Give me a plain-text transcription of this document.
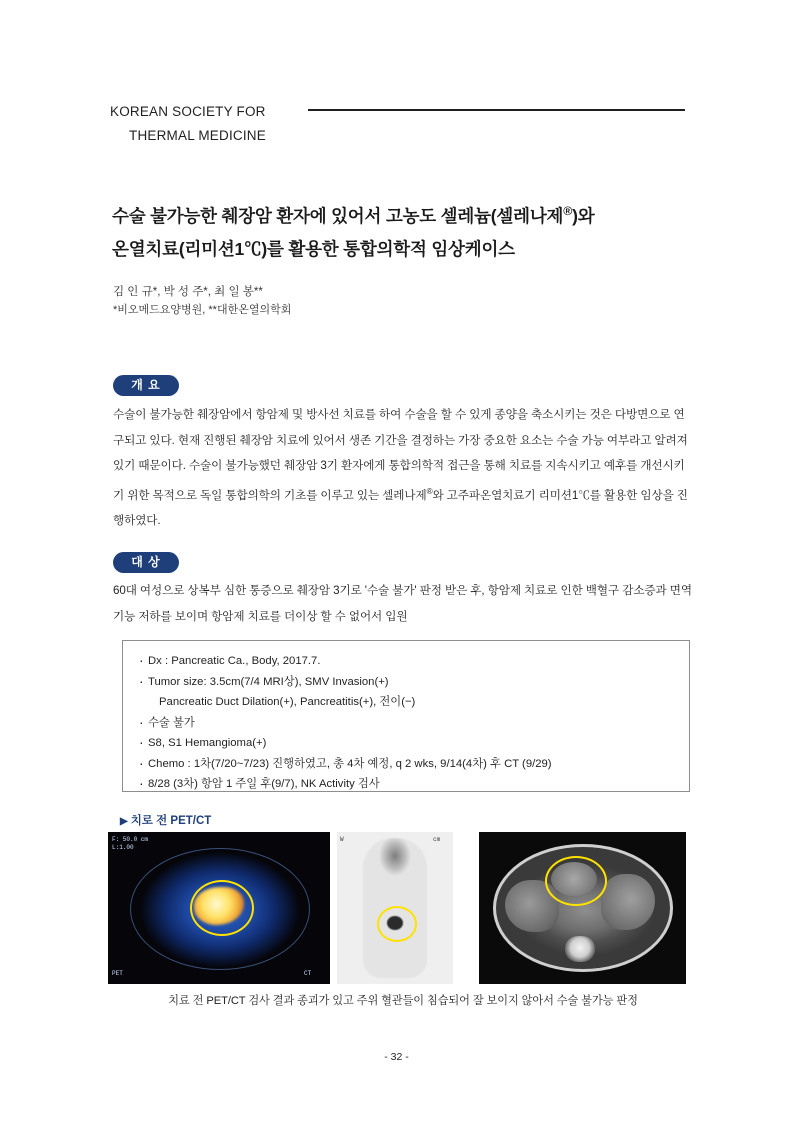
KOREAN SOCIETY FOR
THERMAL MEDICINE
수술 불가능한 췌장암 환자에 있어서 고농도 셀레늄(셀레나제®)와
온열치료(리미션1℃)를 활용한 통합의학적 임상케이스
김 인 규*, 박 성 주*, 최 일 봉**
*비오메드요양병원, **대한온열의학회
개 요
수술이 불가능한 췌장암에서 항암제 및 방사선 치료를 하여 수술을 할 수 있게 종양을 축소시키는 것은 다방면으로 연구되고 있다. 현재 진행된 췌장암 치료에 있어서 생존 기간을 결정하는 가장 중요한 요소는 수술 가능 여부라고 알려져 있기 때문이다. 수술이 불가능했던 췌장암 3기 환자에게 통합의학적 접근을 통해 치료를 지속시키고 예후를 개선시키기 위한 목적으로 독일 통합의학의 기초를 이루고 있는 셀레나제®와 고주파온열치료기 리미션1℃를 활용한 임상을 진행하였다.
대 상
60대 여성으로 상복부 심한 통증으로 췌장암 3기로 '수술 불가' 판정 받은 후, 항암제 치료로 인한 백혈구 감소증과 면역기능 저하를 보이며 항암제 치료를 더이상 할 수 없어서 입원
· Dx : Pancreatic Ca., Body, 2017.7.
· Tumor size: 3.5cm(7/4 MRI상), SMV Invasion(+)
Pancreatic Duct Dilation(+), Pancreatitis(+), 전이(−)
· 수술 불가
· S8, S1 Hemangioma(+)
· Chemo : 1차(7/20~7/23) 진행하였고, 총 4차 예정, q 2 wks, 9/14(4차) 후 CT (9/29)
· 8/28 (3차) 항암 1 주일 후(9/7), NK Activity 검사
▶ 치로 전 PET/CT
F: 50.0 cm
L:1.00
PET	CT
W	cm
치료 전 PET/CT 검사 결과 종괴가 있고 주위 혈관들이 침습되어 잘 보이지 않아서 수술 불가능 판정
- 32 -
